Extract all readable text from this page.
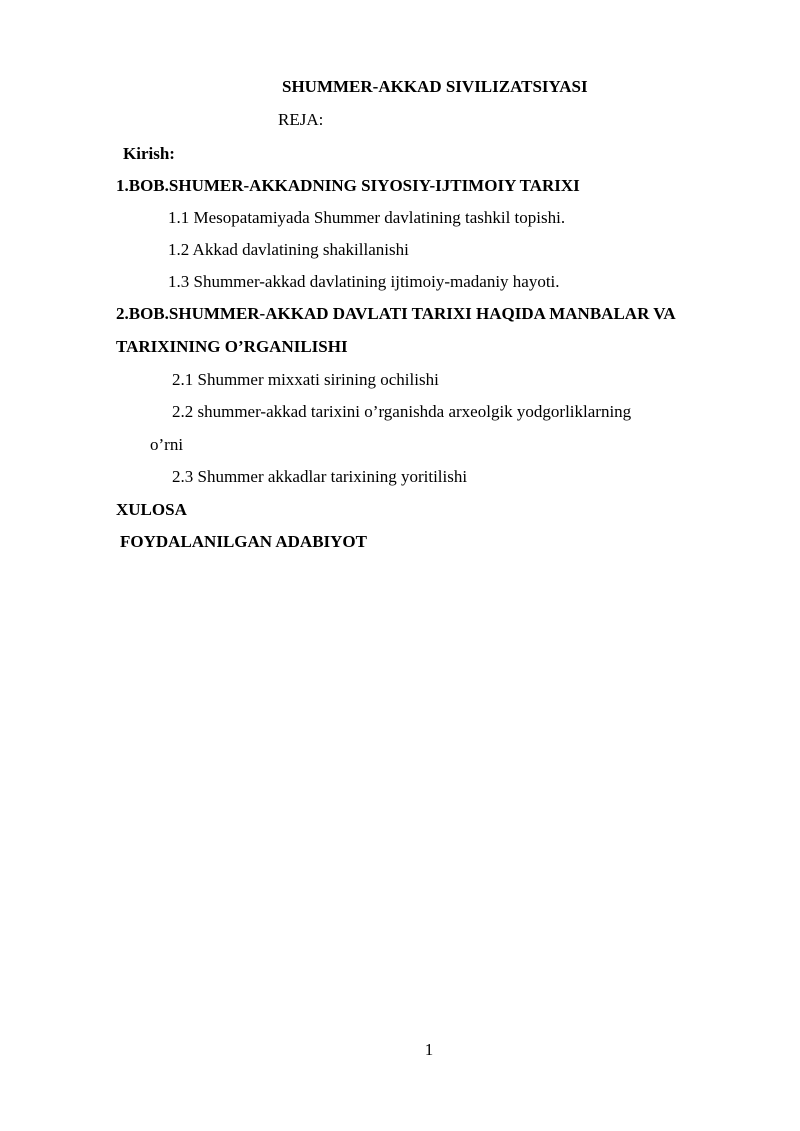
SHUMMER-AKKAD SIVILIZATSIYASI
REJA:
Kirish:
1.BOB.SHUMER-AKKADNING SIYOSIY-IJTIMOIY TARIXI
1.1 Mesopatamiyada Shummer davlatining tashkil topishi.
1.2 Akkad davlatining shakillanishi
1.3 Shummer-akkad davlatining ijtimoiy-madaniy hayoti.
2.BOB.SHUMMER-AKKAD DAVLATI TARIXI HAQIDA MANBALAR VA
TARIXINING O’RGANILISHI
2.1 Shummer mixxati sirining ochilishi
2.2 shummer-akkad tarixini o’rganishda arxeolgik yodgorliklarning
o’rni
2.3 Shummer akkadlar tarixining yoritilishi
XULOSA
FOYDALANILGAN ADABIYOT
1
